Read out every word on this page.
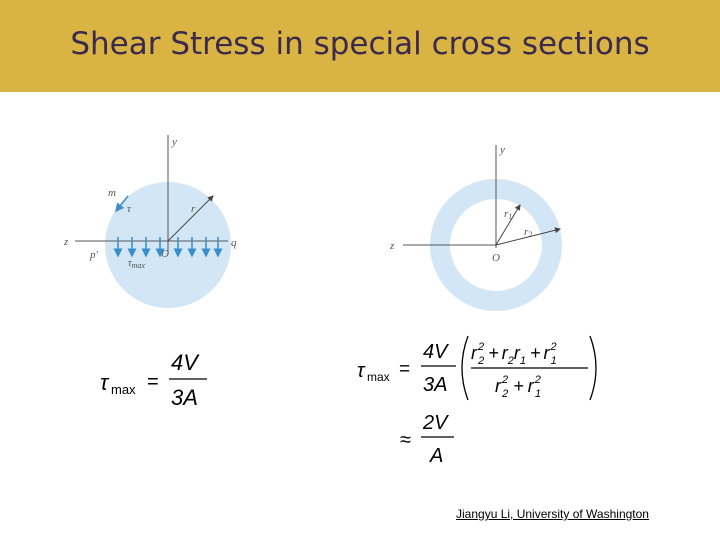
Shear Stress in special cross sections
y
z
m
τ	r
p'	O
q
$\tau_{max}$
y
z
r1
r2
O
τ max =
4V
3A
τ max =
4V
3A
$r^2$ $2 + r_2r_1 + r^2$ 1
$r^2$ $2 + r^2$ 1
≈
2V
A
Jiangyu Li, University of Washington
